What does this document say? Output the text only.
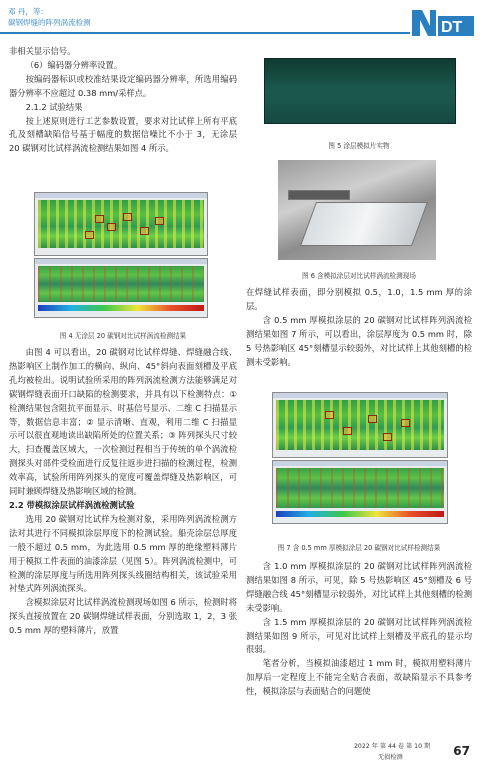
邓 丹，等：
碳钢焊缝的阵列涡流检测	DT

非相关显示信号。

（6）编码器分辨率设置。

按编码器标识或校准结果设定编码器分辨率，所选用编码器分辨率不应超过 0.38 mm/采样点。

2.1.2 试验结果

按上述原则进行工艺参数设置，要求对比试样上所有平底孔及刻槽缺陷信号基于幅度的数据信噪比不小于 3，无涂层 20 碳钢对比试样涡流检测结果如图 4 所示。

图 4 无涂层 20 碳钢对比试样涡流检测结果

由图 4 可以看出，20 碳钢对比试样焊缝、焊缝融合线、热影响区上制作加工的横向、纵向、45°斜向表面刻槽及平底孔均被检出。说明试验所采用的阵列涡流检测方法能够满足对碳钢焊缝表面开口缺陷的检测要求，并具有以下检测特点：① 检测结果包含阻抗平面显示、时基信号显示、二维 C 扫描显示等，数据信息丰富；② 显示清晰、直观，利用二维 C 扫描显示可以很直观地读出缺陷所处的位置关系；③ 阵列探头尺寸较大，扫查覆盖区域大，一次检测过程相当于传统的单个涡流检测探头对部件受检面进行反复往返步进扫描的检测过程，检测效率高，试验所用阵列探头的宽度可覆盖焊缝及热影响区，可同时兼顾焊缝及热影响区域的检测。

2.2 带模拟涂层试样涡流检测试验

选用 20 碳钢对比试样为检测对象，采用阵列涡流检测方法对其进行不同模拟涂层厚度下的检测试验。船壳涂层总厚度一般不超过 0.5 mm，为此选用 0.5 mm 厚的绝缘塑料薄片用于模拟工件表面的油漆涂层（见图 5）。阵列涡流检测中，可检测的涂层厚度与所选用阵列探头线圈结构相关，该试验采用衬垫式阵列涡流探头。

含模拟涂层对比试样涡流检测现场如图 6 所示，检测时将探头直接放置在 20 碳钢焊缝试样表面，分别选取 1，2，3 张 0.5 mm 厚的塑料薄片，放置

图 5 涂层模拟片实物
图 6 含模拟涂层对比试样涡流检测现场

在焊缝试样表面，即分别模拟 0.5，1.0，1.5 mm 厚的涂层。

含 0.5 mm 厚模拟涂层的 20 碳钢对比试样阵列涡流检测结果如图 7 所示，可以看出，涂层厚度为 0.5 mm 时，除 5 号热影响区 45°刻槽显示较弱外，对比试样上其他刻槽的检测未受影响。

图 7 含 0.5 mm 厚模拟涂层 20 碳钢对比试样检测结果

含 1.0 mm 厚模拟涂层的 20 碳钢对比试样阵列涡流检测结果如图 8 所示，可见，除 5 号热影响区 45°刻槽及 6 号焊缝融合线 45°刻槽显示较弱外，对比试样上其他刻槽的检测未受影响。

含 1.5 mm 厚模拟涂层的 20 碳钢对比试样阵列涡流检测结果如图 9 所示，可见对比试样上刻槽及平底孔的显示均很弱。

笔者分析，当模拟油漆超过 1 mm 时，模拟用塑料薄片加厚后一定程度上不能完全贴合表面，故缺陷显示不具参考性，模拟涂层与表面贴合的问题使

2022 年 第 44 卷 第 10 期
无损检测	67
